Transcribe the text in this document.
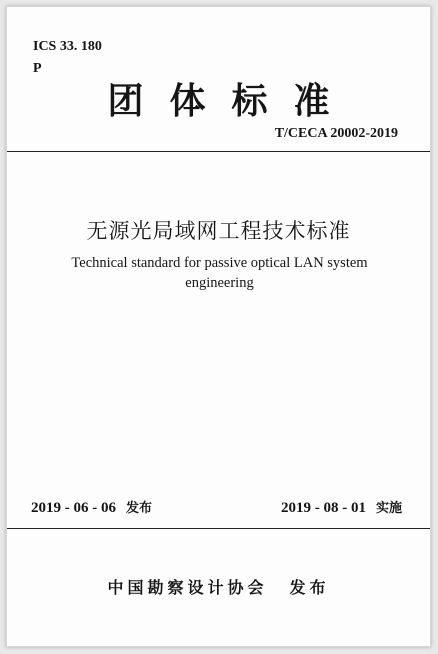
ICS 33. 180
P
团体标准
T/CECA 20002-2019
无源光局域网工程技术标准
Technical standard for passive optical LAN system engineering
2019 - 06 - 06 发布	2019 - 08 - 01 实施
中国勘察设计协会 发布
